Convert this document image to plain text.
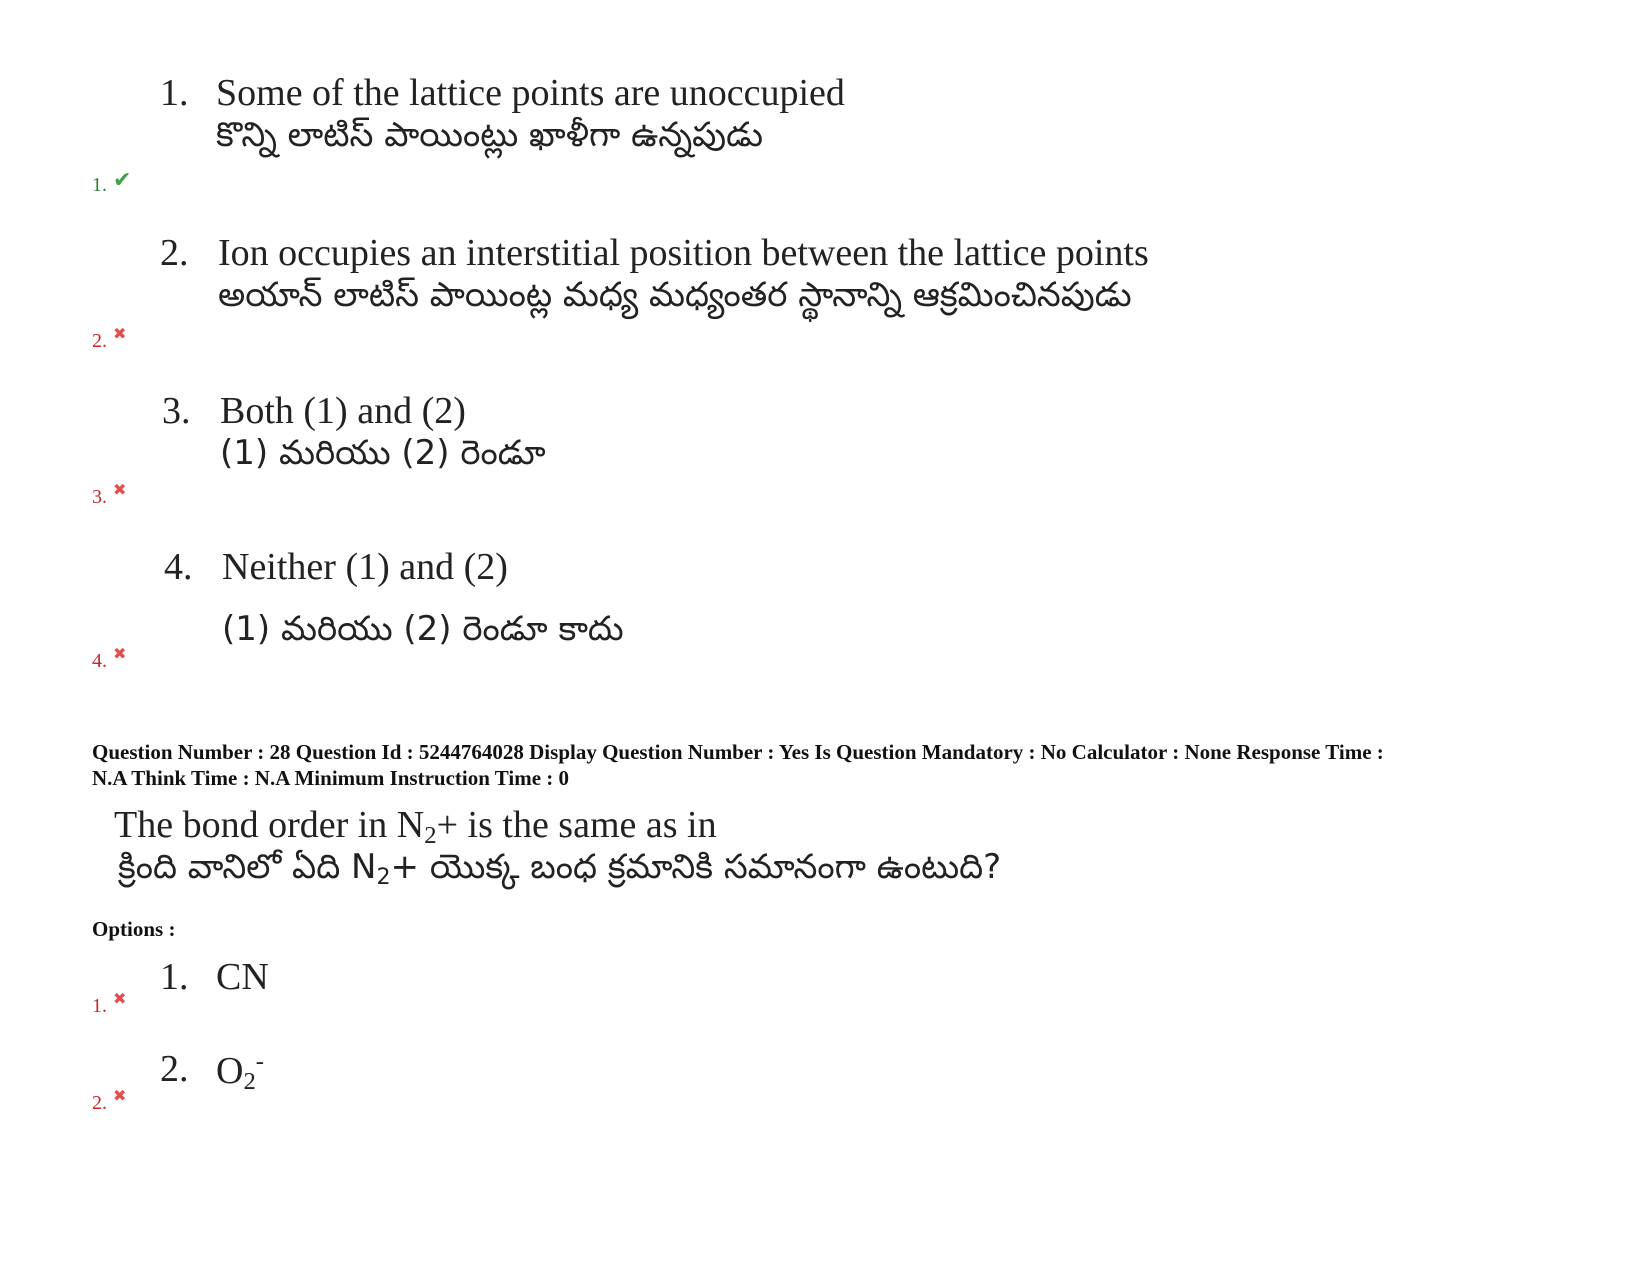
1. Some of the lattice points are unoccupied
కొన్ని లాటిస్ పాయింట్లు ఖాళీగా ఉన్నపుడు
1. ✔
2. Ion occupies an interstitial position between the lattice points
అయాన్ లాటిస్ పాయింట్ల మధ్య మధ్యంతర స్థానాన్ని ఆక్రమించినపుడు
2. ✖
3. Both (1) and (2)
(1) మరియు (2) రెండూ
3. ✖
4. Neither (1) and (2)
(1) మరియు (2) రెండూ కాదు
4. ✖
Question Number : 28 Question Id : 5244764028 Display Question Number : Yes Is Question Mandatory : No Calculator : None Response Time :
N.A Think Time : N.A Minimum Instruction Time : 0
The bond order in $N_2+$ is the same as in
క్రింది వానిలో ఏది $N_2+$ యొక్క బంధ క్రమానికి సమానంగా ఉంటుది?
Options :
1. CN
1. ✖
2. $O_2^-$
2. ✖
